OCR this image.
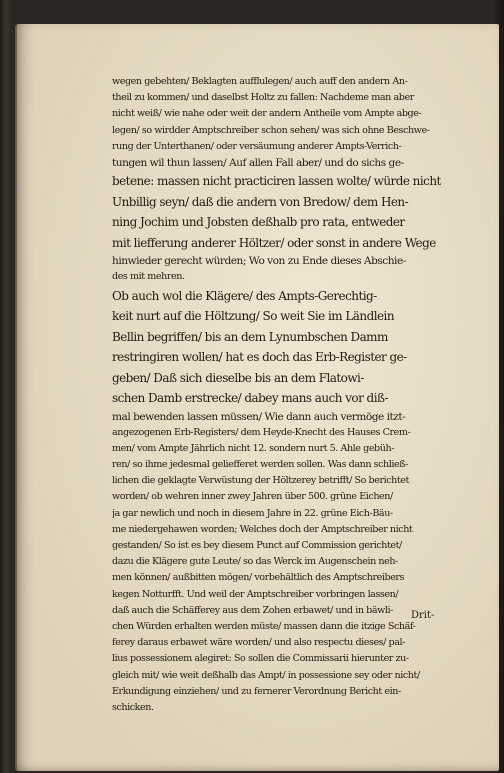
wegen gebehten/ Beklagten aufflulegen/ auch auff den andern An-
theil zu kommen/ und daselbst Holtz zu fallen: Nachdeme man aber
nicht weiß/ wie nahe oder weit der andern Antheile vom Ampte abge-
legen/ so wirdder Amptschreiber schon sehen/ was sich ohne Beschwe-
rung der Unterthanen/ oder versäumung anderer Ampts-Verrich-
tungen wil thun lassen/ Auf allen Fall aber/ und do sichs ge-
betene: massen nicht practiciren lassen wolte/ würde nicht
Unbillig seyn/ daß die andern von Bredow/ dem Hen-
ning Jochim und Jobsten deßhalb pro rata, entweder
mit liefferung anderer Höltzer/ oder sonst in andere Wege
hinwieder gerecht würden; Wo von zu Ende dieses Abschie-
des mit mehren.
Ob auch wol die Klägere/ des Ampts-Gerechtig-
keit nurt auf die Höltzung/ So weit Sie im Ländlein
Bellin begriffen/ bis an dem Lynumbschen Damm
restringiren wollen/ hat es doch das Erb-Register ge-
geben/ Daß sich dieselbe bis an dem Flatowi-
schen Damb erstrecke/ dabey mans auch vor diß-
mal bewenden lassen müssen/ Wie dann auch vermöge itzt-
angezogenen Erb-Registers/ dem Heyde-Knecht des Hauses Crem-
men/ vom Ampte Jährlich nicht 12. sondern nurt 5. Ahle gebüh-
ren/ so ihme jedesmal geliefferet werden sollen. Was dann schließ-
lichen die geklagte Verwüstung der Höltzerey betrifft/ So berichtet
worden/ ob wehren inner zwey Jahren über 500. grüne Eichen/
ja gar newlich und noch in diesem Jahre in 22. grüne Eich-Bäu-
me niedergehawen worden; Welches doch der Amptschreiber nicht
gestanden/ So ist es bey diesem Punct auf Commission gerichtet/
dazu die Klägere gute Leute/ so das Werck im Augenschein neh-
men können/ außbitten mögen/ vorbehältlich des Amptschreibers
kegen Notturfft. Und weil der Amptschreiber vorbringen lassen/
daß auch die Schäfferey aus dem Zohen erbawet/ und in bäwli-
chen Würden erhalten werden müste/ massen dann die itzige Schäf-
ferey daraus erbawet wäre worden/ und also respectu dieses/ pal-
lius possessionem alegiret: So sollen die Commissarii hierunter zu-
gleich mit/ wie weit deßhalb das Ampt/ in possessione sey oder nicht/
Erkundigung einziehen/ und zu fernerer Verordnung Bericht ein-
schicken.
Drit-
